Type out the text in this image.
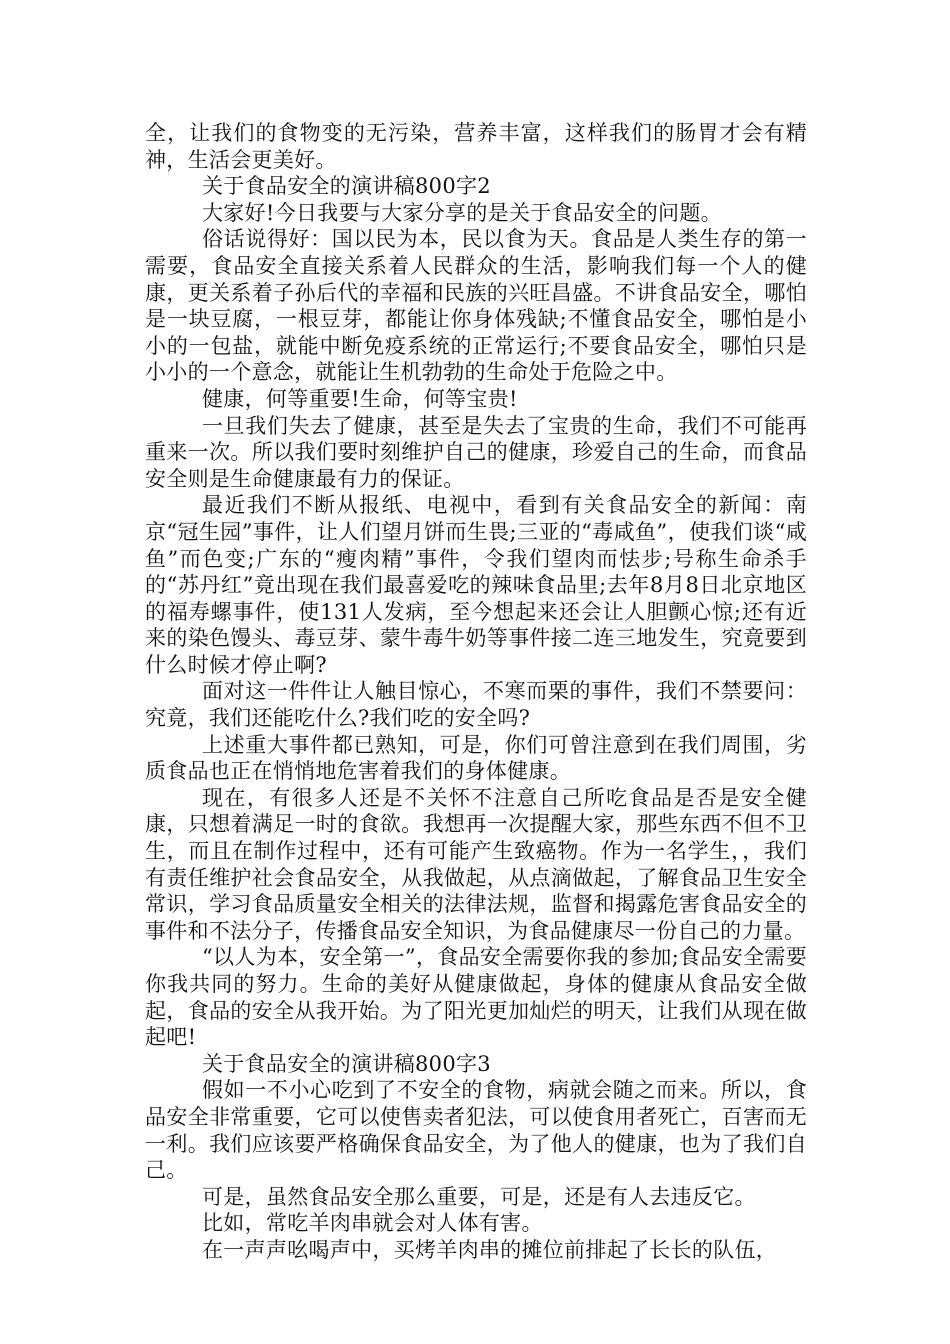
全，让我们的食物变的无污染，营养丰富，这样我们的肠胃才会有精神，生活会更美好。

关于食品安全的演讲稿800字2

大家好!今日我要与大家分享的是关于食品安全的问题。

俗话说得好：国以民为本，民以食为天。食品是人类生存的第一需要，食品安全直接关系着人民群众的生活，影响我们每一个人的健康，更关系着子孙后代的幸福和民族的兴旺昌盛。不讲食品安全，哪怕是一块豆腐，一根豆芽，都能让你身体残缺;不懂食品安全，哪怕是小小的一包盐，就能中断免疫系统的正常运行;不要食品安全，哪怕只是小小的一个意念，就能让生机勃勃的生命处于危险之中。

健康，何等重要!生命，何等宝贵!

一旦我们失去了健康，甚至是失去了宝贵的生命，我们不可能再重来一次。所以我们要时刻维护自己的健康，珍爱自己的生命，而食品安全则是生命健康最有力的保证。

最近我们不断从报纸、电视中，看到有关食品安全的新闻：南京“冠生园”事件，让人们望月饼而生畏;三亚的“毒咸鱼”，使我们谈“咸鱼”而色变;广东的“瘦肉精”事件，令我们望肉而怯步;号称生命杀手的“苏丹红”竟出现在我们最喜爱吃的辣味食品里;去年8月8日北京地区的福寿螺事件，使131人发病，至今想起来还会让人胆颤心惊;还有近来的染色馒头、毒豆芽、蒙牛毒牛奶等事件接二连三地发生，究竟要到什么时候才停止啊?

面对这一件件让人触目惊心，不寒而栗的事件，我们不禁要问：究竟，我们还能吃什么?我们吃的安全吗?

上述重大事件都已熟知，可是，你们可曾注意到在我们周围，劣质食品也正在悄悄地危害着我们的身体健康。

现在，有很多人还是不关怀不注意自己所吃食品是否是安全健康，只想着满足一时的食欲。我想再一次提醒大家，那些东西不但不卫生，而且在制作过程中，还有可能产生致癌物。作为一名学生，，我们有责任维护社会食品安全，从我做起，从点滴做起，了解食品卫生安全常识，学习食品质量安全相关的法律法规，监督和揭露危害食品安全的事件和不法分子，传播食品安全知识，为食品健康尽一份自己的力量。

“以人为本，安全第一”，食品安全需要你我的参加;食品安全需要你我共同的努力。生命的美好从健康做起，身体的健康从食品安全做起，食品的安全从我开始。为了阳光更加灿烂的明天，让我们从现在做起吧!

关于食品安全的演讲稿800字3

假如一不小心吃到了不安全的食物，病就会随之而来。所以，食品安全非常重要，它可以使售卖者犯法，可以使食用者死亡，百害而无一利。我们应该要严格确保食品安全，为了他人的健康，也为了我们自己。

可是，虽然食品安全那么重要，可是，还是有人去违反它。

比如，常吃羊肉串就会对人体有害。

在一声声吆喝声中，买烤羊肉串的摊位前排起了长长的队伍，
